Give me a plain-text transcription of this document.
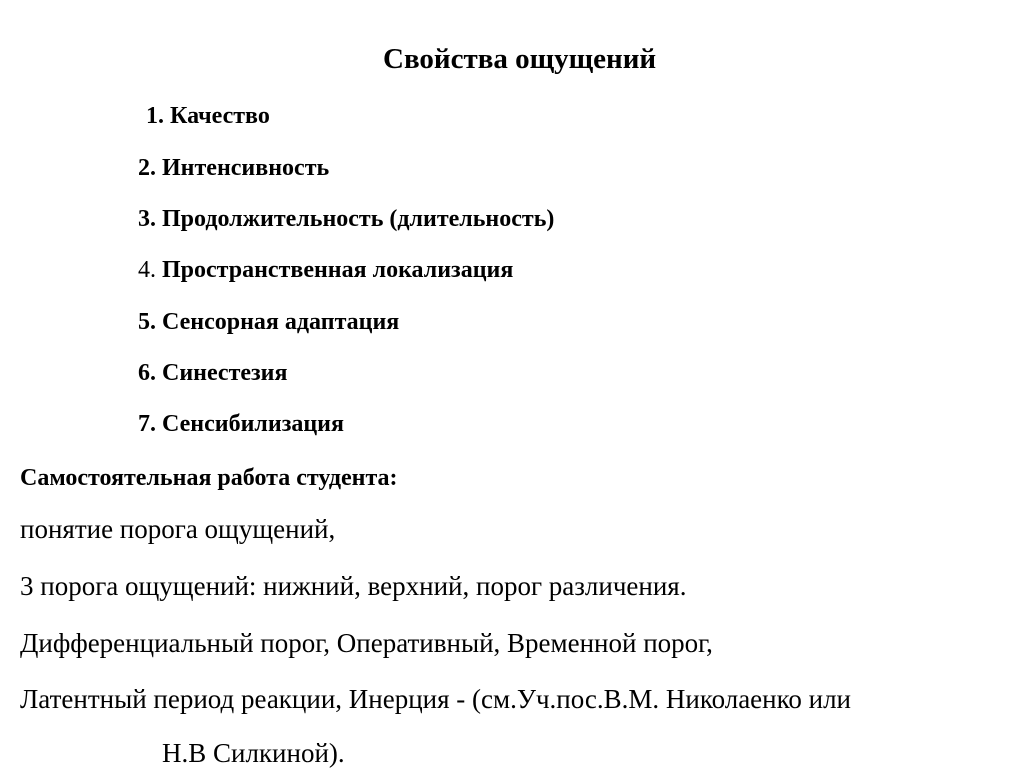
Свойства ощущений
1. Качество
2. Интенсивность
3. Продолжительность (длительность)
4. Пространственная локализация
5. Сенсорная адаптация
6. Синестезия
7. Сенсибилизация
Самостоятельная работа студента:
понятие порога ощущений,
3 порога ощущений: нижний, верхний, порог различения.
Дифференциальный порог, Оперативный, Временной порог,
Латентный период реакции, Инерция - (см.Уч.пос.В.М. Николаенко или
Н.В Силкиной).
